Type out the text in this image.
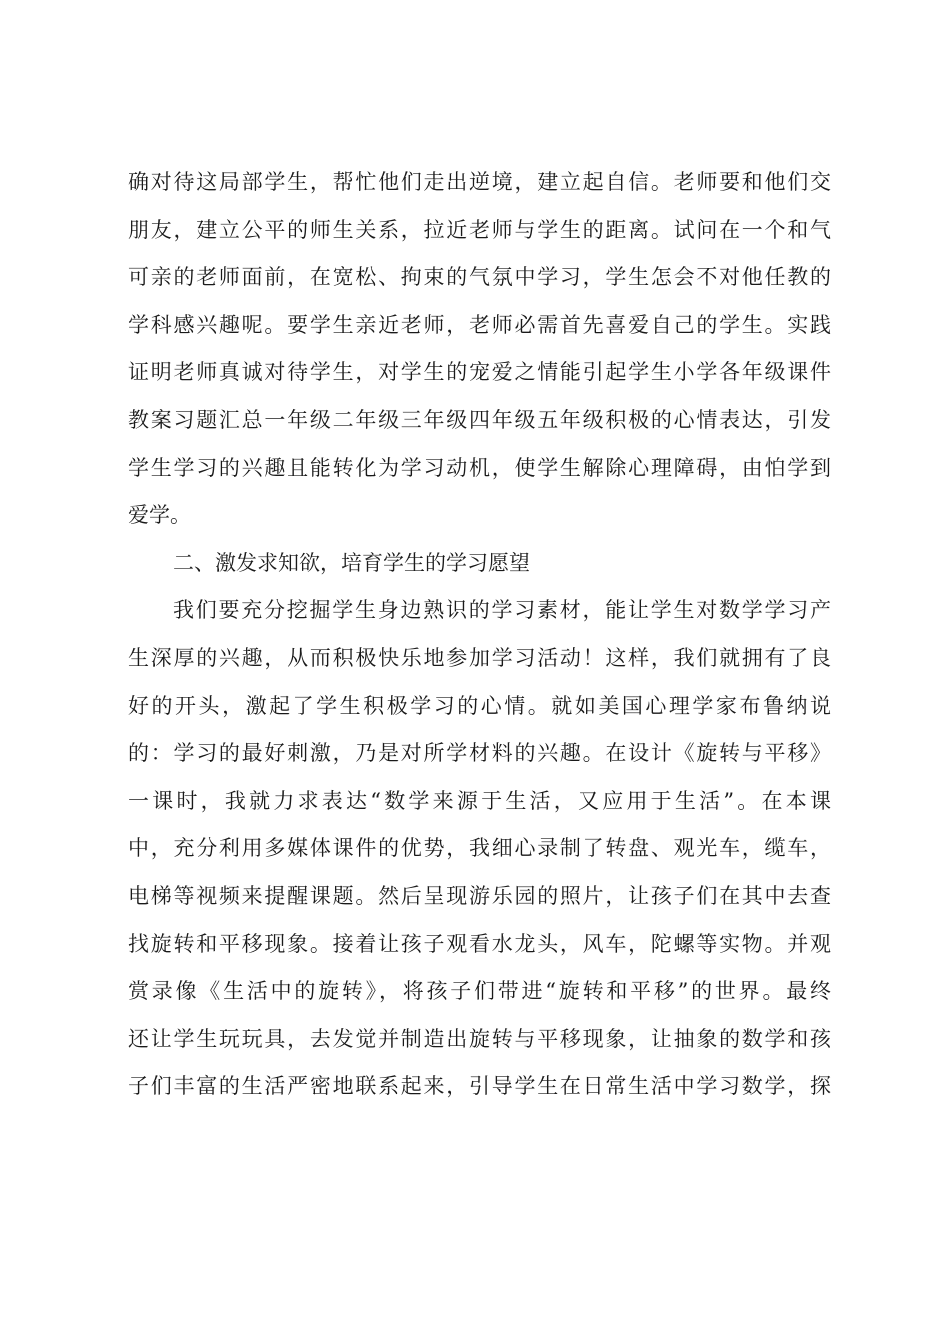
确对待这局部学生，帮忙他们走出逆境，建立起自信。老师要和他们交
朋友，建立公平的师生关系，拉近老师与学生的距离。试问在一个和气
可亲的老师面前，在宽松、拘束的气氛中学习，学生怎会不对他任教的
学科感兴趣呢。要学生亲近老师，老师必需首先喜爱自己的学生。实践
证明老师真诚对待学生，对学生的宠爱之情能引起学生小学各年级课件
教案习题汇总一年级二年级三年级四年级五年级积极的心情表达，引发
学生学习的兴趣且能转化为学习动机，使学生解除心理障碍，由怕学到
爱学。
二、激发求知欲，培育学生的学习愿望
我们要充分挖掘学生身边熟识的学习素材，能让学生对数学学习产
生深厚的兴趣，从而积极快乐地参加学习活动！这样，我们就拥有了良
好的开头，激起了学生积极学习的心情。就如美国心理学家布鲁纳说
的：学习的最好刺激，乃是对所学材料的兴趣。在设计《旋转与平移》
一课时，我就力求表达“数学来源于生活，又应用于生活”。在本课
中，充分利用多媒体课件的优势，我细心录制了转盘、观光车，缆车，
电梯等视频来提醒课题。然后呈现游乐园的照片，让孩子们在其中去查
找旋转和平移现象。接着让孩子观看水龙头，风车，陀螺等实物。并观
赏录像《生活中的旋转》，将孩子们带进“旋转和平移”的世界。最终
还让学生玩玩具，去发觉并制造出旋转与平移现象，让抽象的数学和孩
子们丰富的生活严密地联系起来，引导学生在日常生活中学习数学，探
